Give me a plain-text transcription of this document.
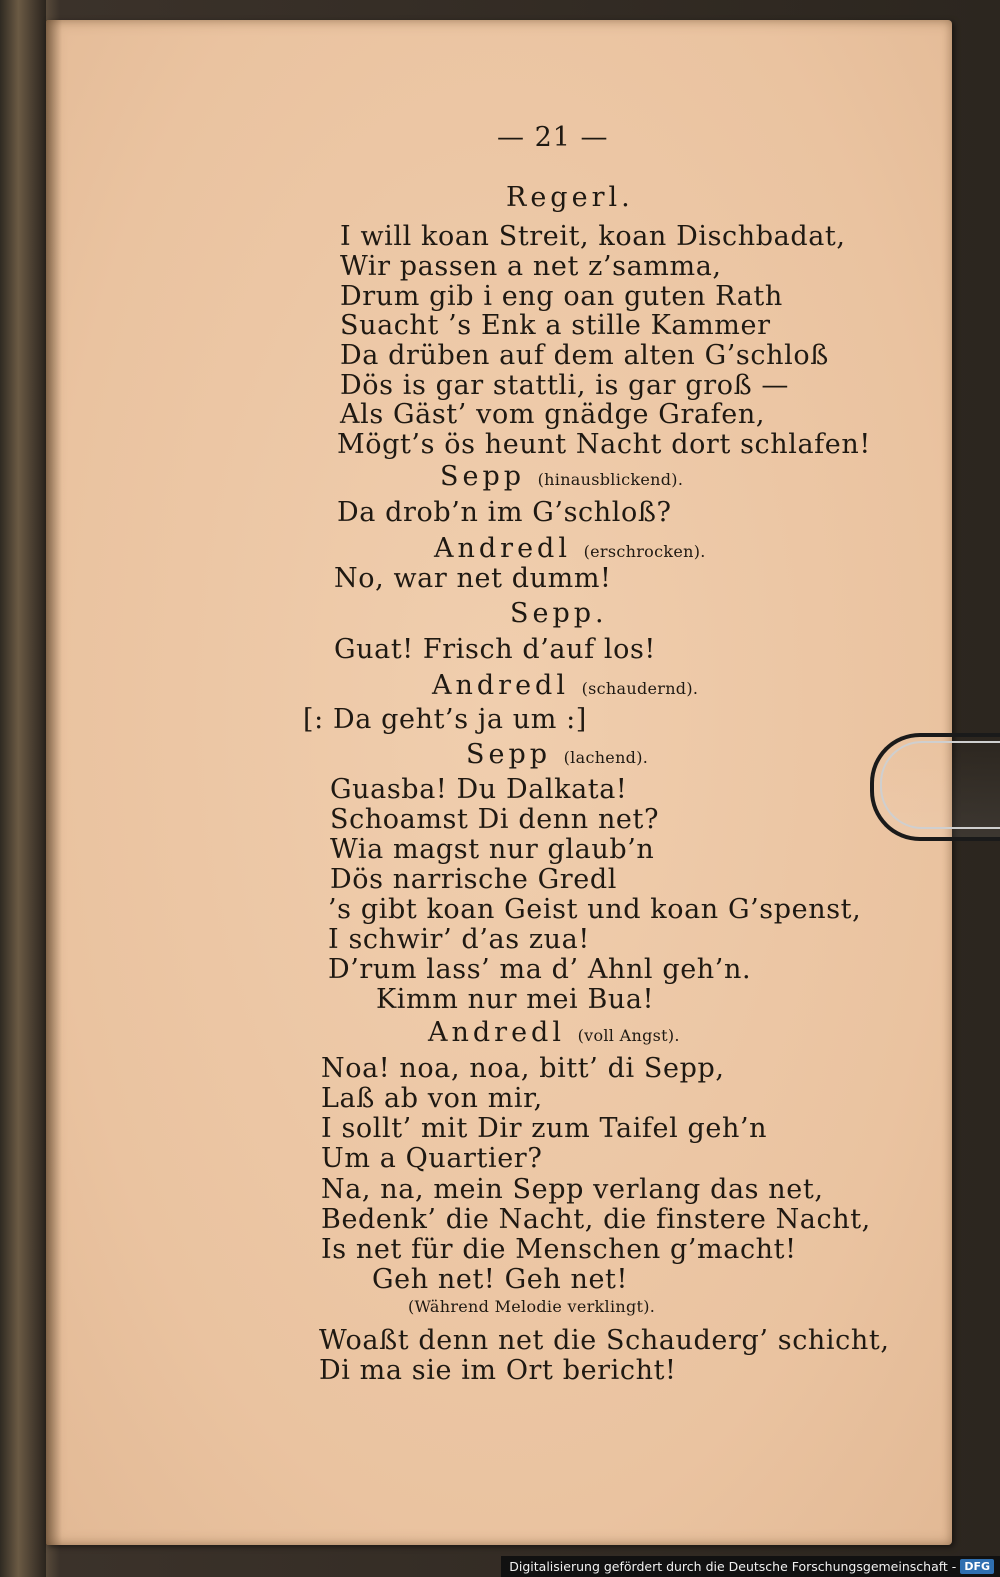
— 21 —
Regerl.
I will koan Streit, koan Dischbadat,
Wir passen a net z’samma,
Drum gib i eng oan guten Rath
Suacht ’s Enk a stille Kammer
Da drüben auf dem alten G’schloß
Dös is gar stattli, is gar groß —
Als Gäst’ vom gnädge Grafen,
Mögt’s ös heunt Nacht dort schlafen!
Sepp (hinausblickend).
Da drob’n im G’schloß?
Andredl (erschrocken).
No, war net dumm!
Sepp.
Guat! Frisch d’auf los!
Andredl (schaudernd).
[: Da geht’s ja um :]
Sepp (lachend).
Guasba! Du Dalkata!
Schoamst Di denn net?
Wia magst nur glaub’n
Dös narrische Gredl
’s gibt koan Geist und koan G’spenst,
I schwir’ d’as zua!
D’rum lass’ ma d’ Ahnl geh’n.
Kimm nur mei Bua!
Andredl (voll Angst).
Noa! noa, noa, bitt’ di Sepp,
Laß ab von mir,
I sollt’ mit Dir zum Taifel geh’n
Um a Quartier?
Na, na, mein Sepp verlang das net,
Bedenk’ die Nacht, die finstere Nacht,
Is net für die Menschen g’macht!
Geh net! Geh net!
(Während Melodie verklingt).
Woaßt denn net die Schauderg’ schicht,
Di ma sie im Ort bericht!
Digitalisierung gefördert durch die Deutsche Forschungsgemeinschaft - DFG
